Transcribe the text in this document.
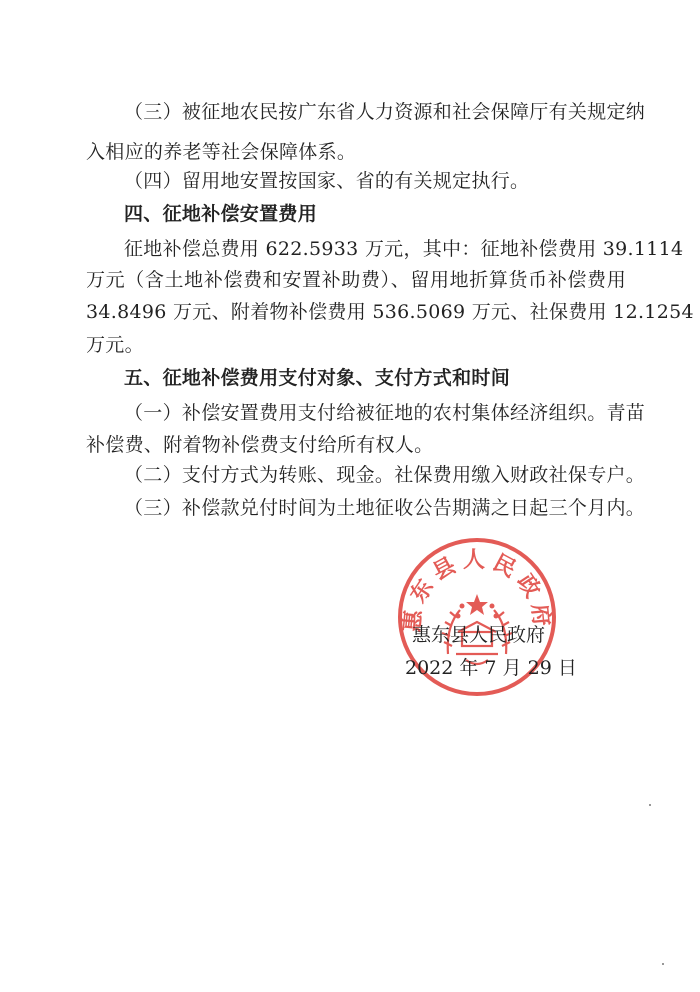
（三）被征地农民按广东省人力资源和社会保障厅有关规定纳
入相应的养老等社会保障体系。
（四）留用地安置按国家、省的有关规定执行。
四、征地补偿安置费用
征地补偿总费用 622.5933 万元，其中：征地补偿费用 39.1114
万元（含土地补偿费和安置补助费）、留用地折算货币补偿费用
34.8496 万元、附着物补偿费用 536.5069 万元、社保费用 12.1254
万元。
五、征地补偿费用支付对象、支付方式和时间
（一）补偿安置费用支付给被征地的农村集体经济组织。青苗
补偿费、附着物补偿费支付给所有权人。
（二）支付方式为转账、现金。社保费用缴入财政社保专户。
（三）补偿款兑付时间为土地征收公告期满之日起三个月内。
惠东县人民政府
惠东县人民政府
2022 年 7 月 29 日
